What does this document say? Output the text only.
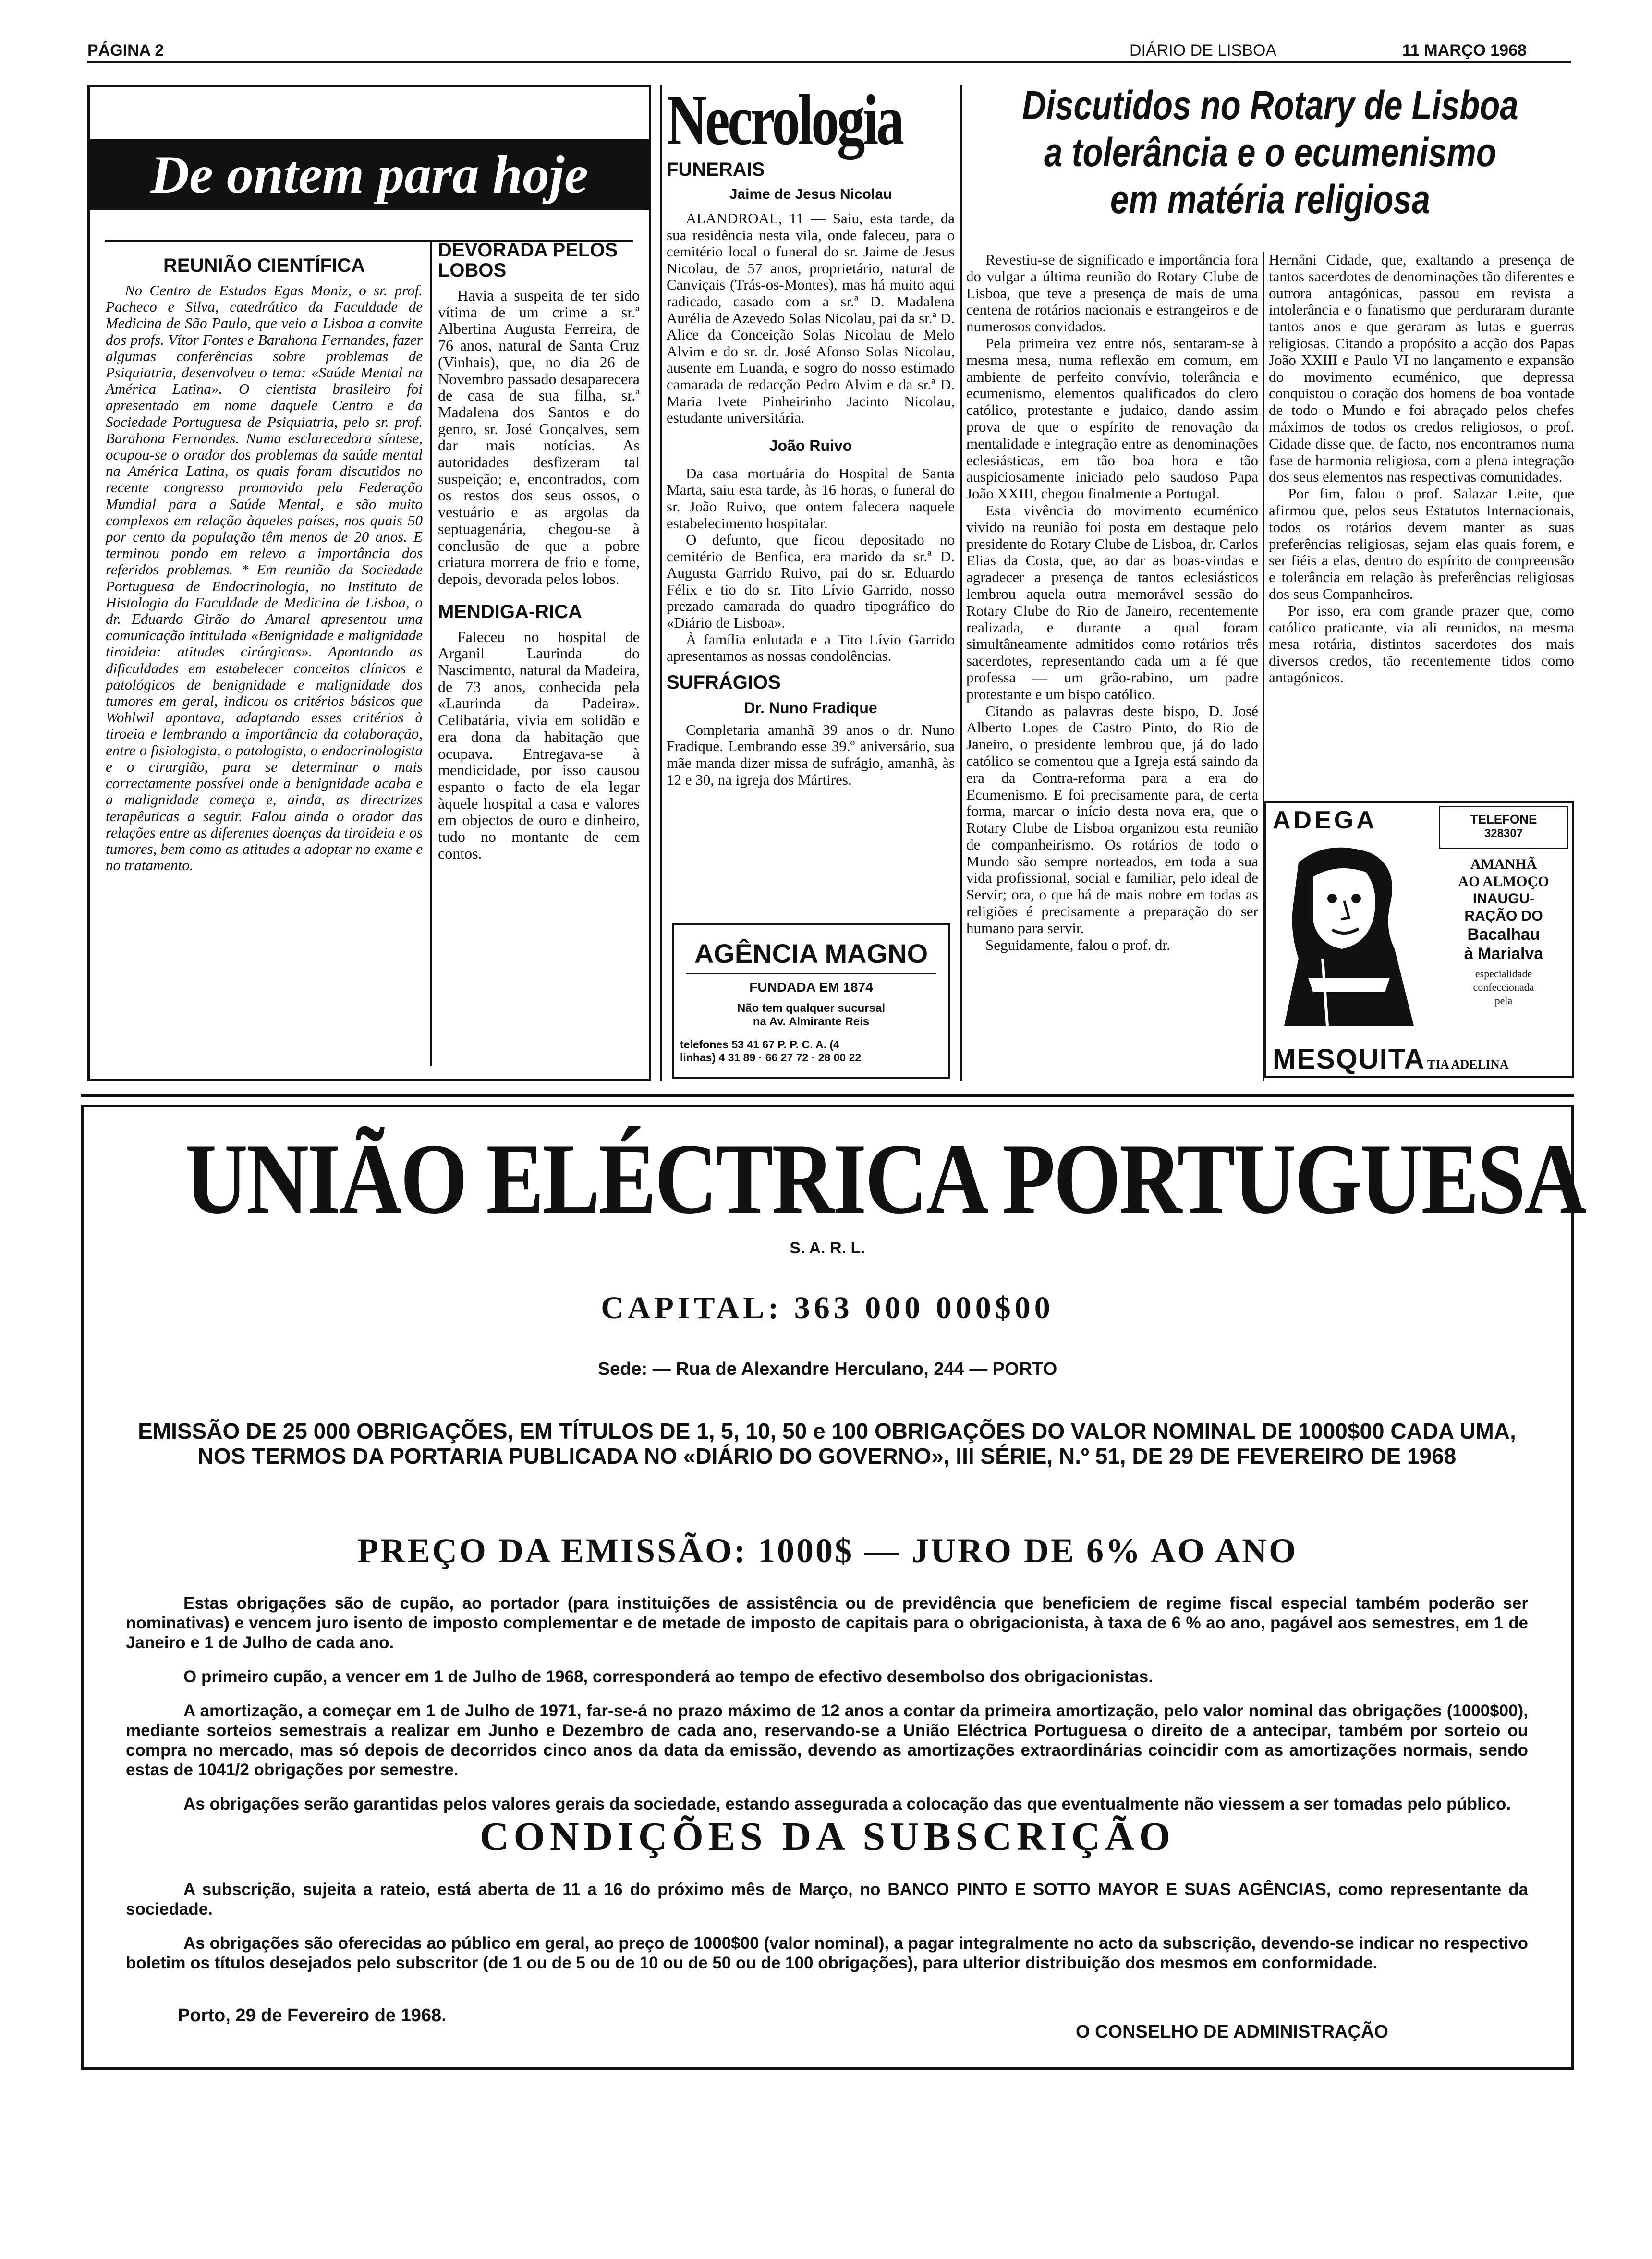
PÁGINA 2	DIÁRIO DE LISBOA	11 MARÇO 1968
De ontem para hoje
REUNIÃO CIENTÍFICA

No Centro de Estudos Egas Moniz, o sr. prof. Pacheco e Silva, catedrático da Faculdade de Medicina de São Paulo, que veio a Lisboa a convite dos profs. Vítor Fontes e Barahona Fernandes, fazer algumas conferências sobre problemas de Psiquiatria, desenvolveu o tema: «Saúde Mental na América Latina». O cientista brasileiro foi apresentado em nome daquele Centro e da Sociedade Portuguesa de Psiquiatria, pelo sr. prof. Barahona Fernandes. Numa esclarecedora síntese, ocupou-se o orador dos problemas da saúde mental na América Latina, os quais foram discutidos no recente congresso promovido pela Federação Mundial para a Saúde Mental, e são muito complexos em relação àqueles países, nos quais 50 por cento da população têm menos de 20 anos. E terminou pondo em relevo a importância dos referidos problemas. * Em reunião da Sociedade Portuguesa de Endocrinologia, no Instituto de Histologia da Faculdade de Medicina de Lisboa, o dr. Eduardo Girão do Amaral apresentou uma comunicação intitulada «Benignidade e malignidade tiroideia: atitudes cirúrgicas». Apontando as dificuldades em estabelecer conceitos clínicos e patológicos de benignidade e malignidade dos tumores em geral, indicou os critérios básicos que Wohlwil apontava, adaptando esses critérios à tiroeia e lembrando a importância da colaboração, entre o fisiologista, o patologista, o endocrinologista e o cirurgião, para se determinar o mais correctamente possível onde a benignidade acaba e a malignidade começa e, ainda, as directrizes terapêuticas a seguir. Falou ainda o orador das relações entre as diferentes doenças da tiroideia e os tumores, bem como as atitudes a adoptar no exame e no tratamento.

DEVORADA PELOS LOBOS

Havia a suspeita de ter sido vítima de um crime a sr.ª Albertina Augusta Ferreira, de 76 anos, natural de Santa Cruz (Vinhais), que, no dia 26 de Novembro passado desaparecera de casa de sua filha, sr.ª Madalena dos Santos e do genro, sr. José Gonçalves, sem dar mais notícias. As autoridades desfizeram tal suspeição; e, encontrados, com os restos dos seus ossos, o vestuário e as argolas da septuagenária, chegou-se à conclusão de que a pobre criatura morrera de frio e fome, depois, devorada pelos lobos.

MENDIGA-RICA

Faleceu no hospital de Arganil Laurinda do Nascimento, natural da Madeira, de 73 anos, conhecida pela «Laurinda da Padeira». Celibatária, vivia em solidão e era dona da habitação que ocupava. Entregava-se à mendicidade, por isso causou espanto o facto de ela legar àquele hospital a casa e valores em objectos de ouro e dinheiro, tudo no montante de cem contos.

Necrologia
FUNERAIS
Jaime de Jesus Nicolau

ALANDROAL, 11 — Saiu, esta tarde, da sua residência nesta vila, onde faleceu, para o cemitério local o funeral do sr. Jaime de Jesus Nicolau, de 57 anos, proprietário, natural de Canviçais (Trás-os-Montes), mas há muito aqui radicado, casado com a sr.ª D. Madalena Aurélia de Azevedo Solas Nicolau, pai da sr.ª D. Alice da Conceição Solas Nicolau de Melo Alvim e do sr. dr. José Afonso Solas Nicolau, ausente em Luanda, e sogro do nosso estimado camarada de redacção Pedro Alvim e da sr.ª D. Maria Ivete Pinheirinho Jacinto Nicolau, estudante universitária.

João Ruivo

Da casa mortuária do Hospital de Santa Marta, saiu esta tarde, às 16 horas, o funeral do sr. João Ruivo, que ontem falecera naquele estabelecimento hospitalar.

O defunto, que ficou depositado no cemitério de Benfica, era marido da sr.ª D. Augusta Garrido Ruivo, pai do sr. Eduardo Félix e tio do sr. Tito Lívio Garrido, nosso prezado camarada do quadro tipográfico do «Diário de Lisboa».

À família enlutada e a Tito Lívio Garrido apresentamos as nossas condolências.

SUFRÁGIOS
Dr. Nuno Fradique

Completaria amanhã 39 anos o dr. Nuno Fradique. Lembrando esse 39.º aniversário, sua mãe manda dizer missa de sufrágio, amanhã, às 12 e 30, na igreja dos Mártires.

AGÊNCIA MAGNO
FUNDADA EM 1874
Não tem qualquer sucursal
na Av. Almirante Reis
telefones 53 41 67 P. P. C. A. (4
linhas) 4 31 89 · 66 27 72 · 28 00 22
Discutidos no Rotary de Lisboa
a tolerância e o ecumenismo
em matéria religiosa

Revestiu-se de significado e importância fora do vulgar a última reunião do Rotary Clube de Lisboa, que teve a presença de mais de uma centena de rotários nacionais e estrangeiros e de numerosos convidados.

Pela primeira vez entre nós, sentaram-se à mesma mesa, numa reflexão em comum, em ambiente de perfeito convívio, tolerância e ecumenismo, elementos qualificados do clero católico, protestante e judaico, dando assim prova de que o espírito de renovação da mentalidade e integração entre as denominações eclesiásticas, em tão boa hora e tão auspiciosamente iniciado pelo saudoso Papa João XXIII, chegou finalmente a Portugal.

Esta vivência do movimento ecuménico vivido na reunião foi posta em destaque pelo presidente do Rotary Clube de Lisboa, dr. Carlos Elias da Costa, que, ao dar as boas-vindas e agradecer a presença de tantos eclesiásticos lembrou aquela outra memorável sessão do Rotary Clube do Rio de Janeiro, recentemente realizada, e durante a qual foram simultâneamente admitidos como rotários três sacerdotes, representando cada um a fé que professa — um grão-rabino, um padre protestante e um bispo católico.

Citando as palavras deste bispo, D. José Alberto Lopes de Castro Pinto, do Rio de Janeiro, o presidente lembrou que, já do lado católico se comentou que a Igreja está saindo da era da Contra-reforma para a era do Ecumenismo. E foi precisamente para, de certa forma, marcar o início desta nova era, que o Rotary Clube de Lisboa organizou esta reunião de companheirismo. Os rotários de todo o Mundo são sempre norteados, em toda a sua vida profissional, social e familiar, pelo ideal de Servir; ora, o que há de mais nobre em todas as religiões é precisamente a preparação do ser humano para servir.

Seguidamente, falou o prof. dr.

Hernâni Cidade, que, exaltando a presença de tantos sacerdotes de denominações tão diferentes e outrora antagónicas, passou em revista a intolerância e o fanatismo que perduraram durante tantos anos e que geraram as lutas e guerras religiosas. Citando a propósito a acção dos Papas João XXIII e Paulo VI no lançamento e expansão do movimento ecuménico, que depressa conquistou o coração dos homens de boa vontade de todo o Mundo e foi abraçado pelos chefes máximos de todos os credos religiosos, o prof. Cidade disse que, de facto, nos encontramos numa fase de harmonia religiosa, com a plena integração dos seus elementos nas respectivas comunidades.

Por fim, falou o prof. Salazar Leite, que afirmou que, pelos seus Estatutos Internacionais, todos os rotários devem manter as suas preferências religiosas, sejam elas quais forem, e ser fiéis a elas, dentro do espírito de compreensão e tolerância em relação às preferências religiosas dos seus Companheiros.

Por isso, era com grande prazer que, como católico praticante, via ali reunidos, na mesma mesa rotária, distintos sacerdotes dos mais diversos credos, tão recentemente tidos como antagónicos.

ADEGA	TELEFONE
328307
AMANHÃ
AO ALMOÇO
INAUGU-
RAÇÃO DO
Bacalhau
à Marialva
especialidade
confeccionada
pela
MESQUITA TIA ADELINA
UNIÃO ELÉCTRICA PORTUGUESA
S. A. R. L.
CAPITAL: 363 000 000$00
Sede: — Rua de Alexandre Herculano, 244 — PORTO
EMISSÃO DE 25 000 OBRIGAÇÕES, EM TÍTULOS DE 1, 5, 10, 50 e 100 OBRIGAÇÕES DO VALOR NOMINAL DE 1000$00 CADA UMA, NOS TERMOS DA PORTARIA PUBLICADA NO «DIÁRIO DO GOVERNO», III SÉRIE, N.º 51, DE 29 DE FEVEREIRO DE 1968
PREÇO DA EMISSÃO: 1000$ — JURO DE 6% AO ANO

Estas obrigações são de cupão, ao portador (para instituições de assistência ou de previdência que beneficiem de regime fiscal especial também poderão ser nominativas) e vencem juro isento de imposto complementar e de metade de imposto de capitais para o obrigacionista, à taxa de 6 % ao ano, pagável aos semestres, em 1 de Janeiro e 1 de Julho de cada ano.

O primeiro cupão, a vencer em 1 de Julho de 1968, corresponderá ao tempo de efectivo desembolso dos obrigacionistas.

A amortização, a começar em 1 de Julho de 1971, far-se-á no prazo máximo de 12 anos a contar da primeira amortização, pelo valor nominal das obrigações (1000$00), mediante sorteios semestrais a realizar em Junho e Dezembro de cada ano, reservando-se a União Eléctrica Portuguesa o direito de a antecipar, também por sorteio ou compra no mercado, mas só depois de decorridos cinco anos da data da emissão, devendo as amortizações extraordinárias coincidir com as amortizações normais, sendo estas de 1041/2 obrigações por semestre.

As obrigações serão garantidas pelos valores gerais da sociedade, estando assegurada a colocação das que eventualmente não viessem a ser tomadas pelo público.

CONDIÇÕES DA SUBSCRIÇÃO

A subscrição, sujeita a rateio, está aberta de 11 a 16 do próximo mês de Março, no BANCO PINTO E SOTTO MAYOR E SUAS AGÊNCIAS, como representante da sociedade.

As obrigações são oferecidas ao público em geral, ao preço de 1000$00 (valor nominal), a pagar integralmente no acto da subscrição, devendo-se indicar no respectivo boletim os títulos desejados pelo subscritor (de 1 ou de 5 ou de 10 ou de 50 ou de 100 obrigações), para ulterior distribuição dos mesmos em conformidade.

Porto, 29 de Fevereiro de 1968.
O CONSELHO DE ADMINISTRAÇÃO
